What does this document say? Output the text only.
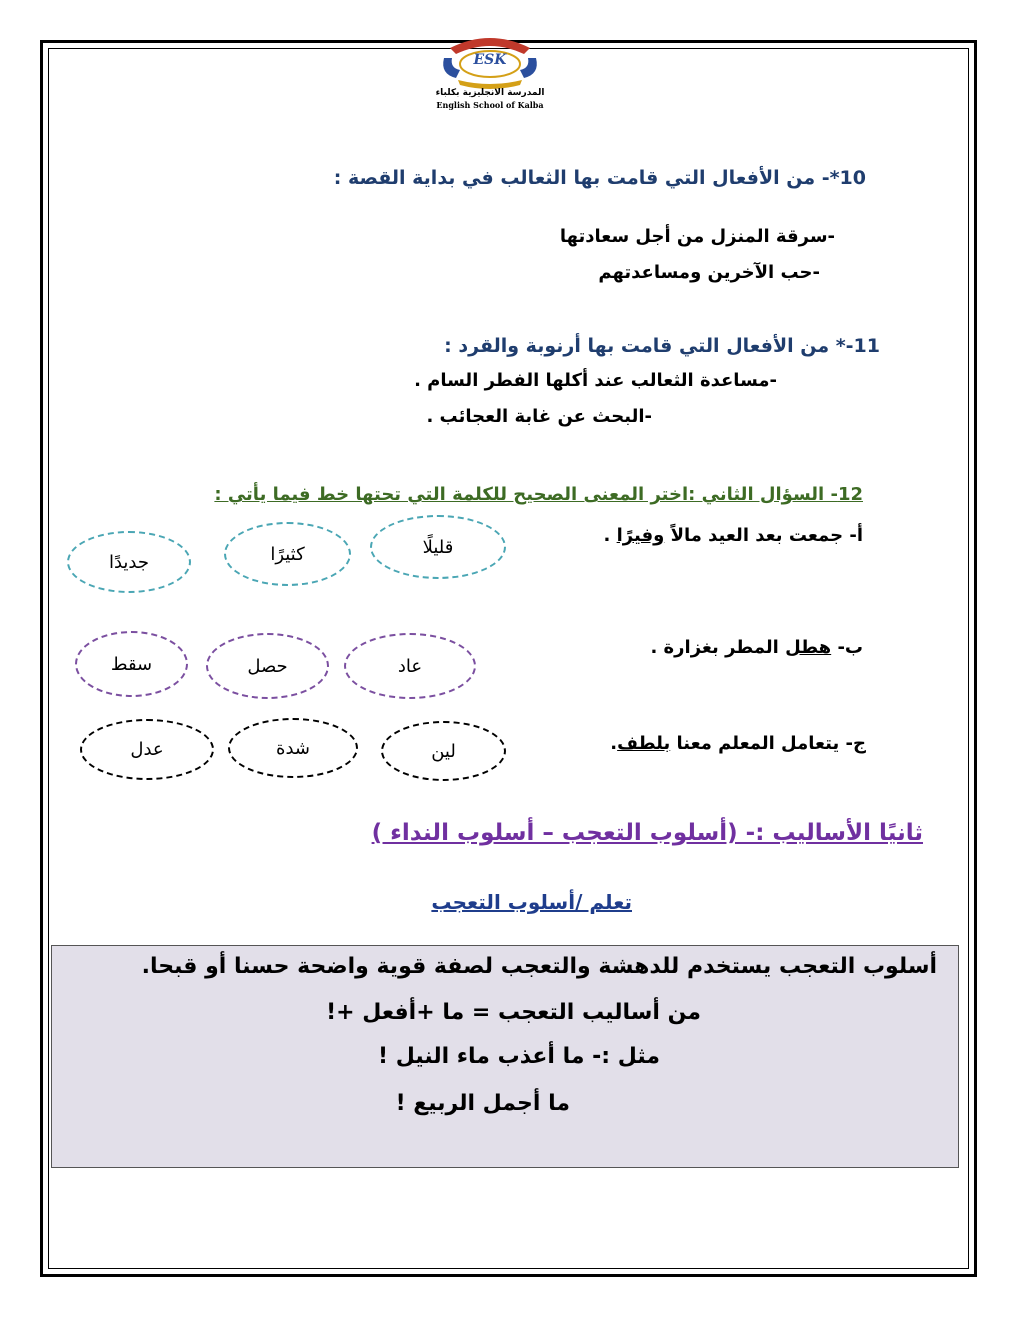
ESK
المدرسة الانجليزية بكلباء
English School of Kalba
10*- من الأفعال التي قامت بها الثعالب في بداية القصة :
-سرقة المنزل من أجل سعادتها
-حب الآخرين ومساعدتهم
11-* من الأفعال التي قامت بها أرنوبة والقرد :
-مساعدة الثعالب عند أكلها الفطر السام .
-البحث عن غابة العجائب .
12- السؤال الثاني :اختر المعنى الصحيح للكلمة التي تحتها خط فيما يأتي :
أ- جمعت بعد العيد مالاً وفيرًا .
قليلًا
كثيرًا
جديدًا
ب- هطل المطر بغزارة .
عاد
حصل
سقط
ج- يتعامل المعلم معنا بلطف.
لين
شدة
عدل
ثانيًا الأساليب :- (أسلوب التعجب – أسلوب النداء )
تعلم /أسلوب التعجب
أسلوب التعجب يستخدم للدهشة والتعجب لصفة قوية واضحة حسنا أو قبحا.
من أساليب التعجب = ما +أفعل +!
مثل :- ما أعذب ماء النيل !
ما أجمل الربيع !
